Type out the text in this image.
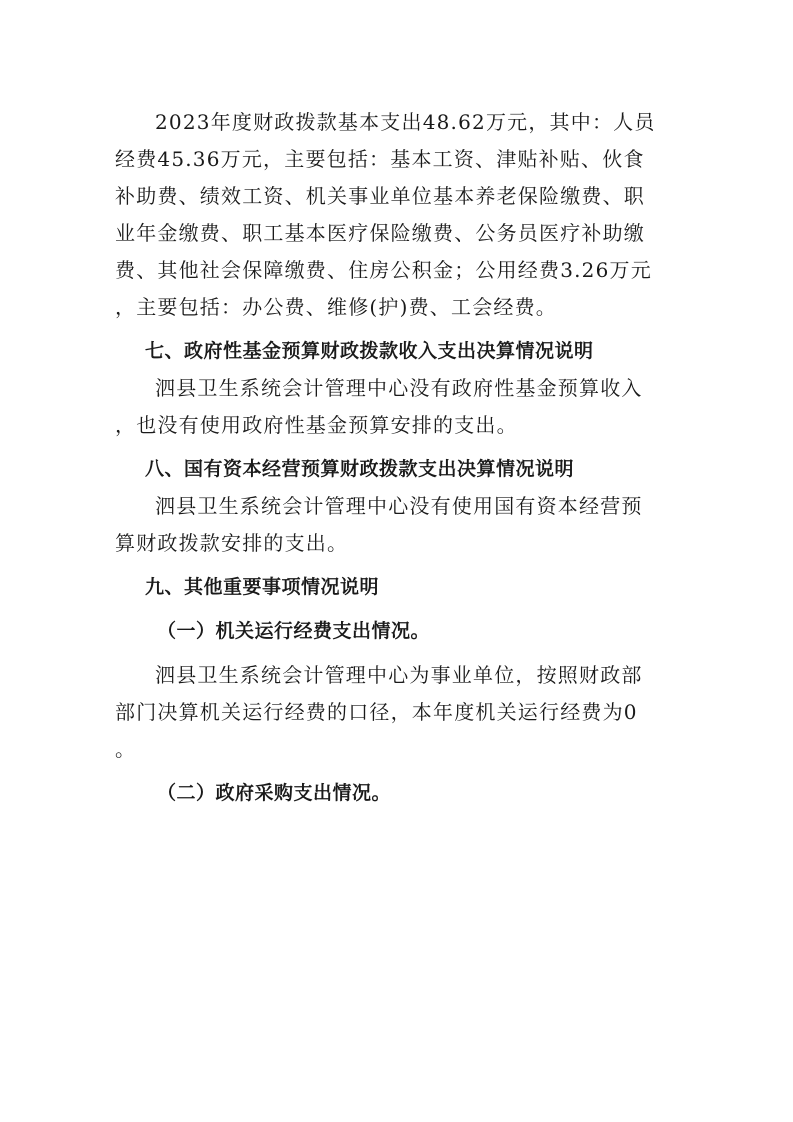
2023年度财政拨款基本支出48.62万元，其中：人员
经费45.36万元，主要包括：基本工资、津贴补贴、伙食
补助费、绩效工资、机关事业单位基本养老保险缴费、职
业年金缴费、职工基本医疗保险缴费、公务员医疗补助缴
费、其他社会保障缴费、住房公积金；公用经费3.26万元
，主要包括：办公费、维修(护)费、工会经费。
七、政府性基金预算财政拨款收入支出决算情况说明
泗县卫生系统会计管理中心没有政府性基金预算收入
，也没有使用政府性基金预算安排的支出。
八、国有资本经营预算财政拨款支出决算情况说明
泗县卫生系统会计管理中心没有使用国有资本经营预
算财政拨款安排的支出。
九、其他重要事项情况说明
（一）机关运行经费支出情况。
泗县卫生系统会计管理中心为事业单位，按照财政部
部门决算机关运行经费的口径，本年度机关运行经费为0
。
（二）政府采购支出情况。
